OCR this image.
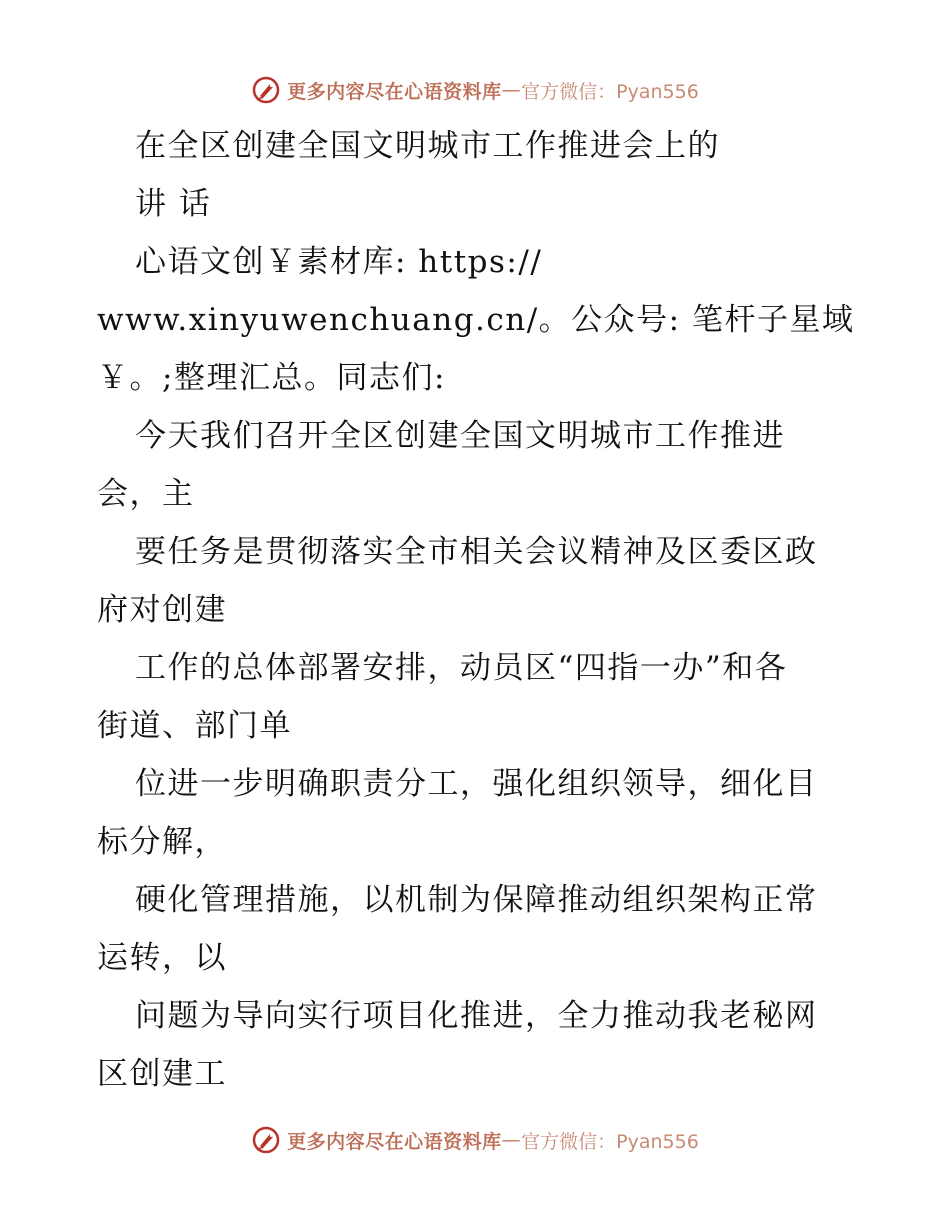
更多内容尽在心语资料库 — 官方微信：Pyan556
在全区创建全国文明城市工作推进会上的
讲 话
心语文创￥素材库: https://
www.xinyuwenchuang.cn/。公众号: 笔杆子星域
￥。;整理汇总。同志们:
今天我们召开全区创建全国文明城市工作推进
会，主
要任务是贯彻落实全市相关会议精神及区委区政
府对创建
工作的总体部署安排，动员区“四指一办”和各
街道、部门单
位进一步明确职责分工，强化组织领导，细化目
标分解，
硬化管理措施，以机制为保障推动组织架构正常
运转，以
问题为导向实行项目化推进，全力推动我老秘网
区创建工
更多内容尽在心语资料库 — 官方微信：Pyan556
